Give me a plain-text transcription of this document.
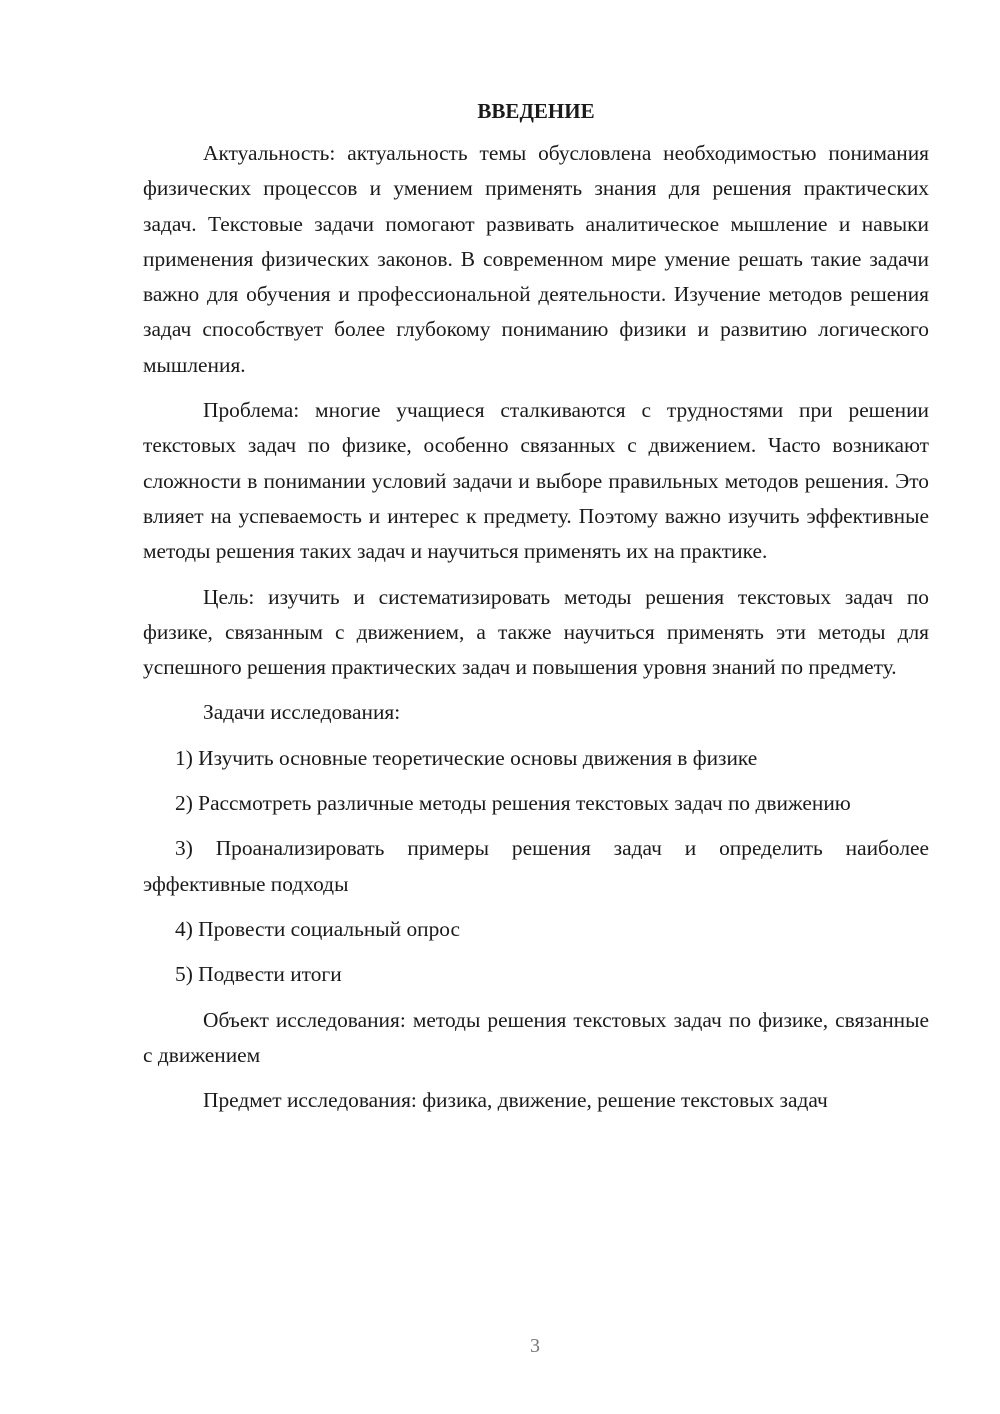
ВВЕДЕНИЕ

Актуальность: актуальность темы обусловлена необходимостью понимания физических процессов и умением применять знания для решения практических задач. Текстовые задачи помогают развивать аналитическое мышление и навыки применения физических законов. В современном мире умение решать такие задачи важно для обучения и профессиональной деятельности. Изучение методов решения задач способствует более глубокому пониманию физики и развитию логического мышления.

Проблема: многие учащиеся сталкиваются с трудностями при решении текстовых задач по физике, особенно связанных с движением. Часто возникают сложности в понимании условий задачи и выборе правильных методов решения. Это влияет на успеваемость и интерес к предмету. Поэтому важно изучить эффективные методы решения таких задач и научиться применять их на практике.

Цель: изучить и систематизировать методы решения текстовых задач по физике, связанным с движением, а также научиться применять эти методы для успешного решения практических задач и повышения уровня знаний по предмету.

Задачи исследования:

1) Изучить основные теоретические основы движения в физике
2) Рассмотреть различные методы решения текстовых задач по движению
3) Проанализировать примеры решения задач и определить наиболее эффективные подходы
4) Провести социальный опрос
5) Подвести итоги

Объект исследования: методы решения текстовых задач по физике, связанные с движением

Предмет исследования: физика, движение, решение текстовых задач

3
